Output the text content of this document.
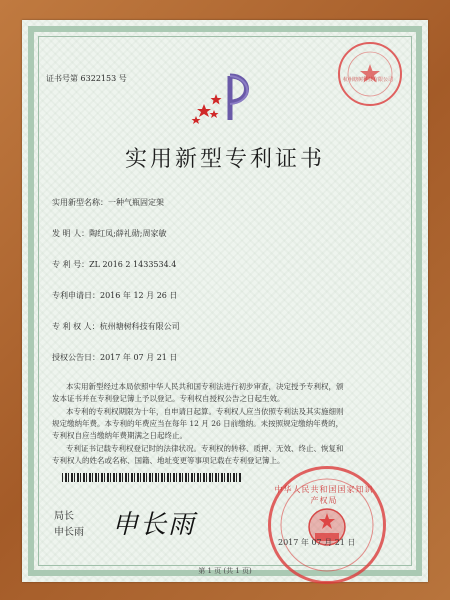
证书号第 6322153 号	杭州塘树科技有限公司
实用新型专利证书
实用新型名称：一种气瓶固定架
发 明 人：陶红凤;薛礼勋;周家敏
专 利 号：ZL 2016 2 1433534.4
专利申请日：2016 年 12 月 26 日
专 利 权 人：杭州塘树科技有限公司
授权公告日：2017 年 07 月 21 日
本实用新型经过本局依照中华人民共和国专利法进行初步审查，决定授予专利权，颁
发本证书并在专利登记簿上予以登记。专利权自授权公告之日起生效。
本专利的专利权期限为十年，自申请日起算。专利权人应当依照专利法及其实施细则
规定缴纳年费。本专利的年费应当在每年 12 月 26 日前缴纳。未按照规定缴纳年费的，
专利权自应当缴纳年费期满之日起终止。
专利证书记载专利权登记时的法律状况。专利权的转移、质押、无效、终止、恢复和
专利权人的姓名或名称、国籍、地址变更等事项记载在专利登记簿上。
局长
申长雨 申长雨
中华人民共和国国家知识产权局
2017 年 07 月 21 日
第 1 页 (共 1 页)
